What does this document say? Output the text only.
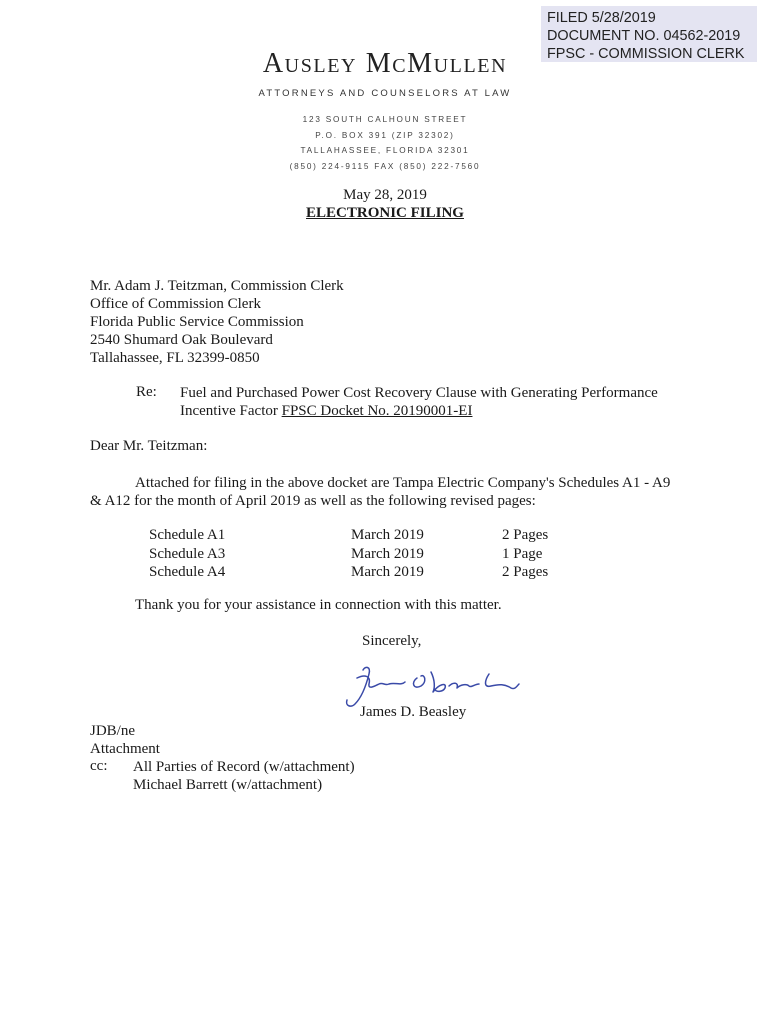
FILED 5/28/2019
DOCUMENT NO. 04562-2019
FPSC - COMMISSION CLERK
Ausley McMullen
ATTORNEYS AND COUNSELORS AT LAW
123 SOUTH CALHOUN STREET
P.O. BOX 391 (ZIP 32302)
TALLAHASSEE, FLORIDA 32301
(850) 224-9115 FAX (850) 222-7560
May 28, 2019
ELECTRONIC FILING
Mr. Adam J. Teitzman, Commission Clerk
Office of Commission Clerk
Florida Public Service Commission
2540 Shumard Oak Boulevard
Tallahassee, FL 32399-0850
Re: Fuel and Purchased Power Cost Recovery Clause with Generating Performance
Incentive Factor FPSC Docket No. 20190001-EI
Dear Mr. Teitzman:
Attached for filing in the above docket are Tampa Electric Company's Schedules A1 - A9
& A12 for the month of April 2019 as well as the following revised pages:
Schedule A1	March 2019	2 Pages
Schedule A3	March 2019	1 Page
Schedule A4	March 2019	2 Pages
Thank you for your assistance in connection with this matter.
Sincerely,
James D. Beasley
JDB/ne
Attachment
cc: All Parties of Record (w/attachment)
Michael Barrett (w/attachment)
